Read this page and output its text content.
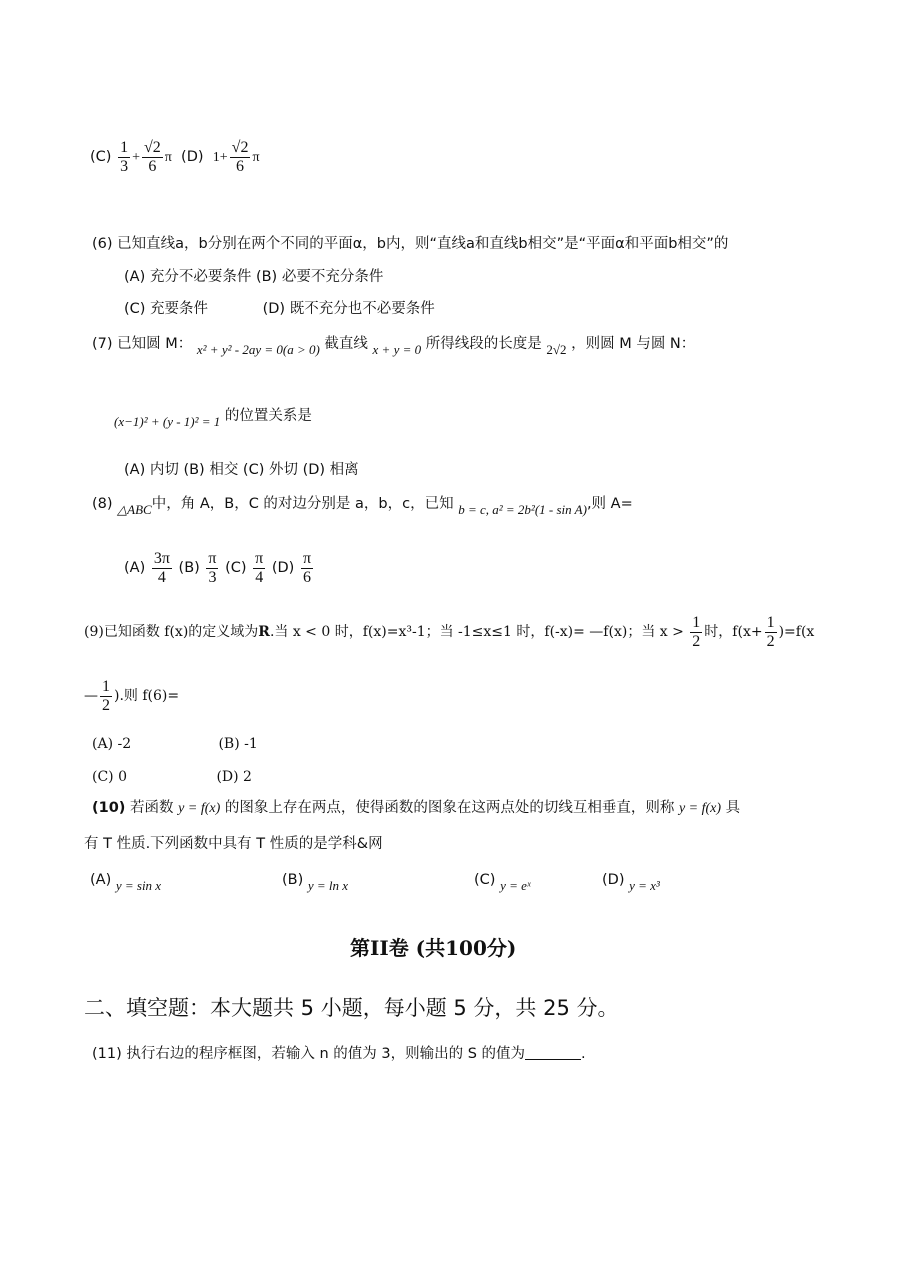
$(C) \frac{1}{3} + \frac{√2}{6}$ π (D) $1+ \frac{√2}{6}$ π
(6) 已知直线a，b分别在两个不同的平面α，b内，则“直线a和直线b相交”是“平面α和平面b相交”的
(A) 充分不必要条件 (B) 必要不充分条件
(C) 充要条件	(D) 既不充分也不必要条件
(7) 已知圆 M： x² + y² - 2ay = 0(a > 0) 截直线 x + y = 0 所得线段的长度是 2√2 ，则圆 M 与圆 N：
(x−1)² + (y - 1)² = 1 的位置关系是
(A) 内切 (B) 相交 (C) 外切 (D) 相离
(8) △ABC中，角 A，B，C 的对边分别是 a，b，c，已知 b = c, a² = 2b²(1 - sin A),则 A=
$(A) \frac{3\pi}{4} (B) \frac{\pi}{3} (C) \frac{\pi}{4} (D) \frac{\pi}{6}$
(9)已知函数 f(x)的定义域为R.当 x < 0 时，f(x)=x³-1；当 -1≤x≤1 时，f(-x)= —f(x)；当 $x > \frac{1}{2}$ 时，$f(x+ \frac{1}{2} )=f(x$
— $\frac{1}{2}$ ).则 f(6)=
(A) -2	(B) -1
(C) 0	(D) 2
(10) 若函数 y = f(x) 的图象上存在两点，使得函数的图象在这两点处的切线互相垂直，则称 y = f(x) 具
有 T 性质.下列函数中具有 T 性质的是学科&网
(A) y = sin x	(B) y = ln x	(C) y = eˣ	(D) y = x³
第II卷 (共100分)
二、填空题：本大题共 5 小题，每小题 5 分，共 25 分。
(11) 执行右边的程序框图，若输入 n 的值为 3，则输出的 S 的值为	.
